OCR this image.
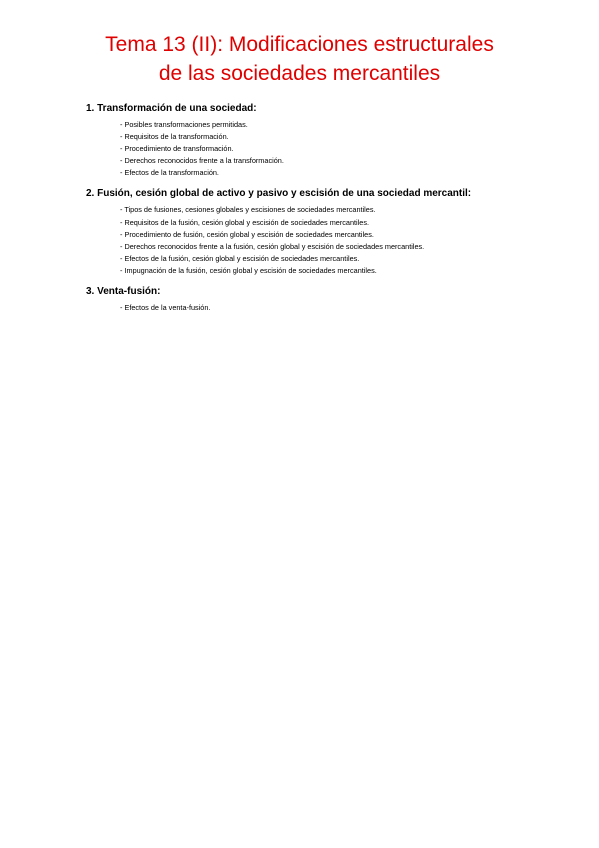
Tema 13 (II): Modificaciones estructurales
de las sociedades mercantiles
1. Transformación de una sociedad:
- Posibles transformaciones permitidas.
- Requisitos de la transformación.
- Procedimiento de transformación.
- Derechos reconocidos frente a la transformación.
- Efectos de la transformación.
2. Fusión, cesión global de activo y pasivo y escisión de una sociedad mercantil:
- Tipos de fusiones, cesiones globales y escisiones de sociedades mercantiles.
- Requisitos de la fusión, cesión global y escisión de sociedades mercantiles.
- Procedimiento de fusión, cesión global y escisión de sociedades mercantiles.
- Derechos reconocidos frente a la fusión, cesión global y escisión de sociedades mercantiles.
- Efectos de la fusión, cesión global y escisión de sociedades mercantiles.
- Impugnación de la fusión, cesión global y escisión de sociedades mercantiles.
3. Venta-fusión:
- Efectos de la venta-fusión.
